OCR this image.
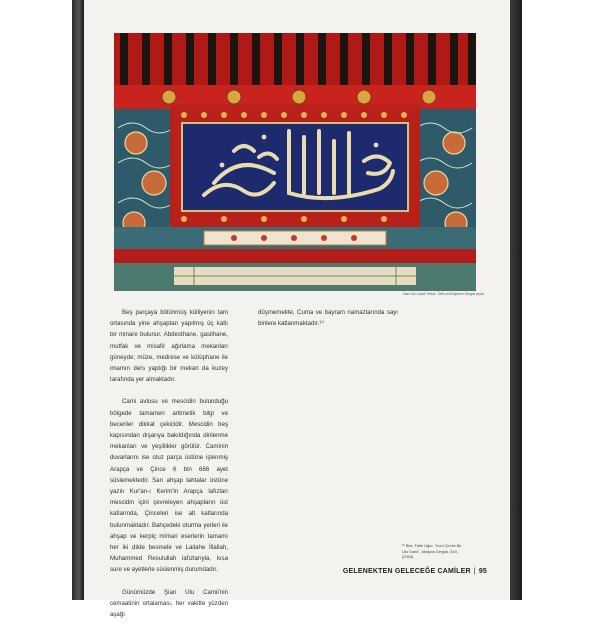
Xian Ulu Camii, Pekin, Tarih ve Düşünce Dergisi arşivi

Beş parçaya bölünmüş külliyenin tam ortasında yine ahşaptan yapılmış üç katlı bir minare bulunur. Abdesthane, gasilhane, mutfak ve misafir ağırlama mekanları güneyde; müze, medrese ve kütüphane ile imamın ders yaptığı bir mekan da kuzey tarafında yer almaktadır.

Cami avlusu ve mescidin bulunduğu bölgede tamamen aritmetik bilgi ve beceriler dikkat çekicidir. Mescidin beş kapısından dışarıya bakıldığında dinlenme mekanları ve yeşillikler görülür. Caminin duvarlarını ise otuz parça üstüne işlenmiş Arapça ve Çince 6 bin 666 ayet süslemektedir. Sarı ahşap tahtalar üstüne yazılı Kur'an-ı Kerim'in Arapça lafızları mescidin içini çevreleyen ahşapların üst katlarında, Çinceleri ise alt katlarında bulunmaktadır. Bahçedeki oturma yerleri ile ahşap ve kerpiç mimari eserlerin tamamı her iki dilde besmele ve Lailahe İllallah, Muhammed Resulullah lafızlarıyla, kısa sure ve ayetlerle süslenmiş durumdadır.

Günümüzde Şian Ulu Camii'nin cemaatinin ortalaması, her vakitte yüzden aşağı

düşmemekte, Cuma ve bayram namazlarında sayı binlere katlanmaktadır.¹⁰

¹⁰ Bkz: Fatih Uğur, "Kızıl Çin'de Bir Ulu Cami", Aksiyon Dergisi, 519., (2004)
GELENEKTEN GELECEĞE CAMİLER | 95
